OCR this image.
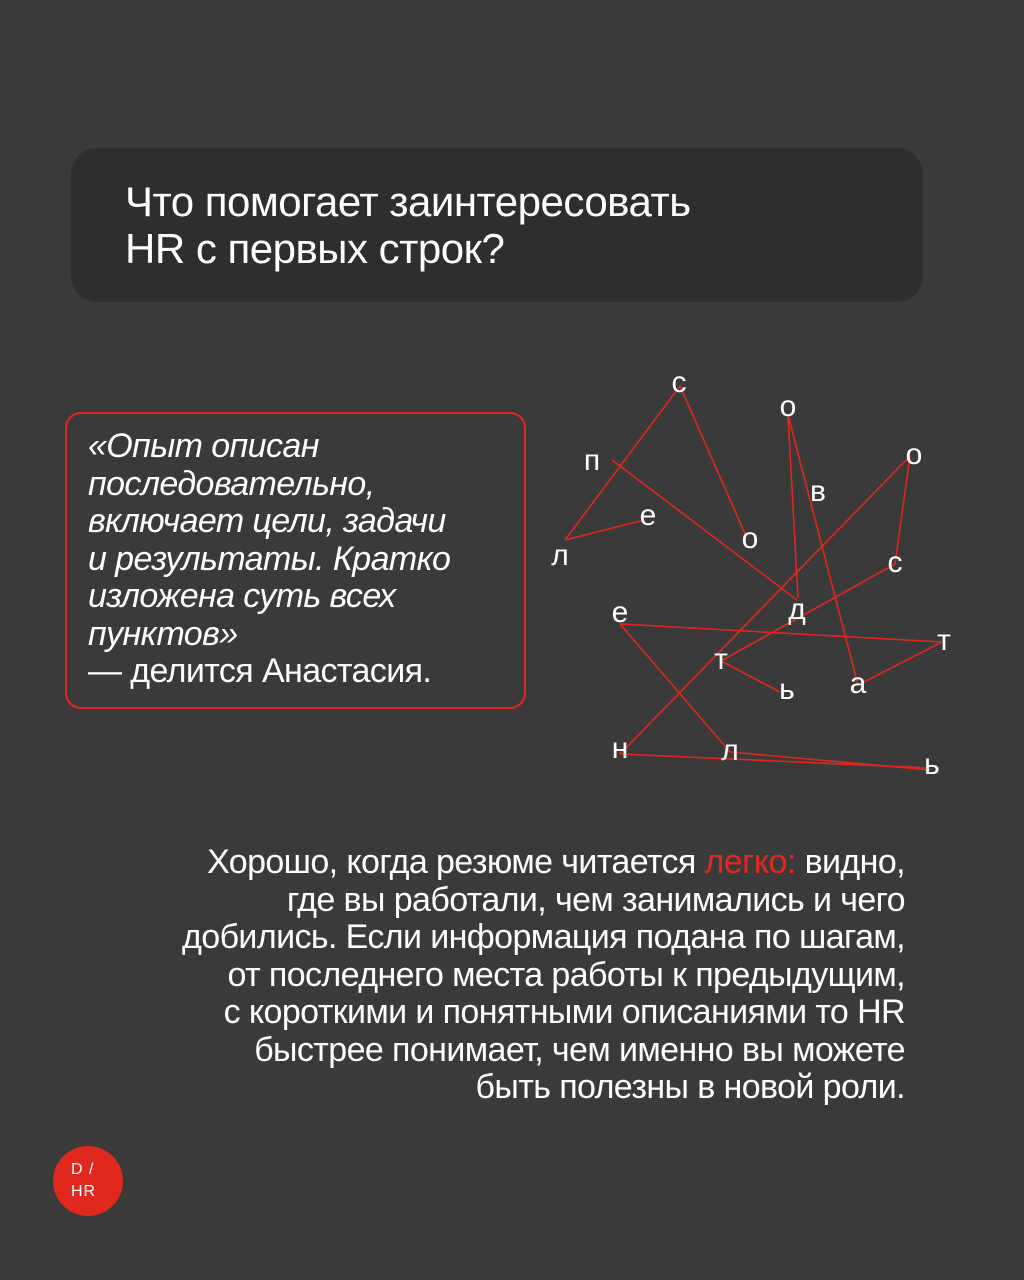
Что помогает заинтересовать
HR с первых строк?

«Опыт описан
последовательно,
включает цели, задачи
и результаты. Кратко
изложена суть всех
пунктов»

— делится Анастасия.

п
о
с
л
е
д
о
в
а
т
е
л
ь
н
о
с
т
ь

Хорошо, когда резюме читается легко: видно,
где вы работали, чем занимались и чего
добились. Если информация подана по шагам,
от последнего места работы к предыдущим,
с короткими и понятными описаниями то HR
быстрее понимает, чем именно вы можете
быть полезны в новой роли.

D /
HR
